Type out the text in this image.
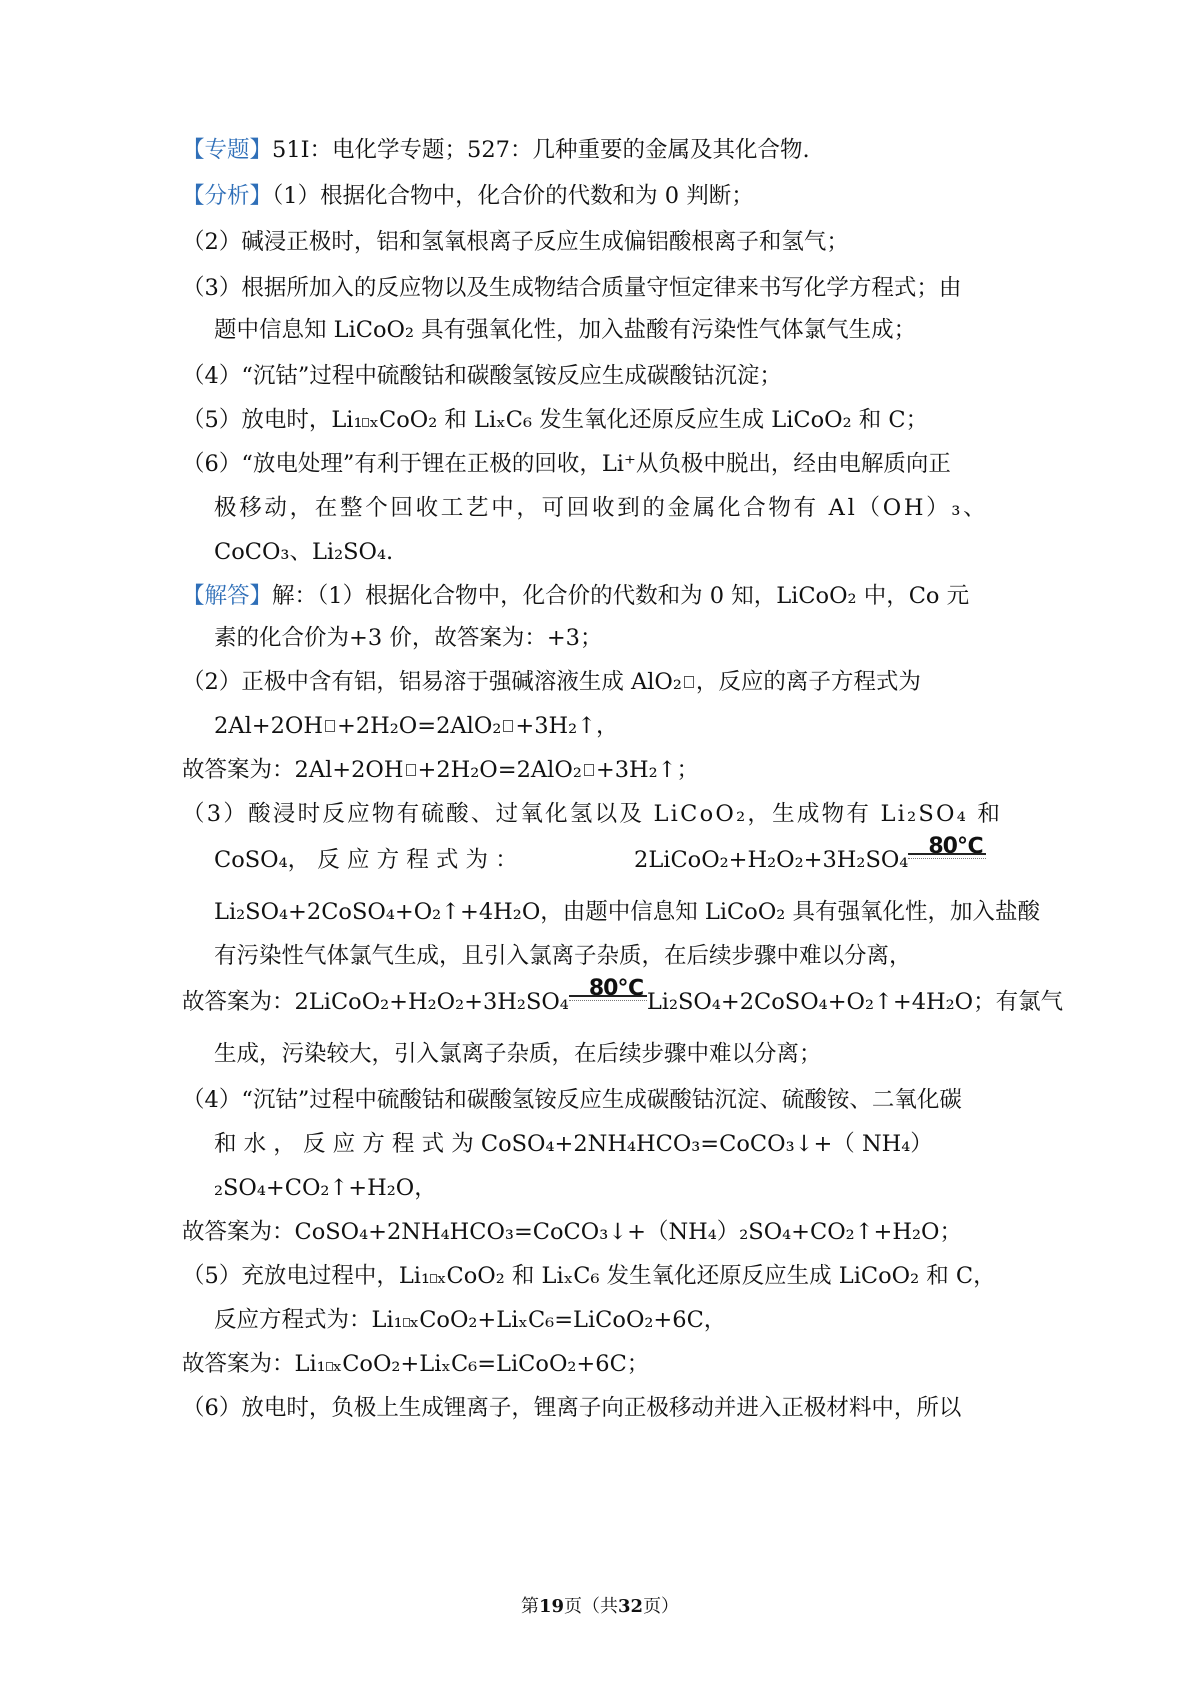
【专题】51I：电化学专题；527：几种重要的金属及其化合物.
【分析】（1）根据化合物中，化合价的代数和为 0 判断；
（2）碱浸正极时，铝和氢氧根离子反应生成偏铝酸根离子和氢气；
（3）根据所加入的反应物以及生成物结合质量守恒定律来书写化学方程式；由
题中信息知 LiCoO₂ 具有强氧化性，加入盐酸有污染性气体氯气生成；
（4）“沉钴”过程中硫酸钴和碳酸氢铵反应生成碳酸钴沉淀；
（5）放电时，Li₁ ₓCoO₂ 和 LiₓC₆ 发生氧化还原反应生成 LiCoO₂ 和 C；
（6）“放电处理”有利于锂在正极的回收，Li⁺从负极中脱出，经由电解质向正
极移动，在整个回收工艺中，可回收到的金属化合物有 Al（OH）₃、
CoCO₃、Li₂SO₄.
【解答】解：（1）根据化合物中，化合价的代数和为 0 知，LiCoO₂ 中，Co 元
素的化合价为+3 价，故答案为：+3；
（2）正极中含有铝，铝易溶于强碱溶液生成 AlO₂ ，反应的离子方程式为
2Al+2OH +2H₂O=2AlO₂ +3H₂↑，
故答案为：2Al+2OH +2H₂O=2AlO₂ +3H₂↑；
（3）酸浸时反应物有硫酸、过氧化氢以及 LiCoO₂，生成物有 Li₂SO₄ 和
CoSO₄， 反 应 方 程 式 为 ：	2LiCoO₂+H₂O₂+3H₂SO₄
80℃
Li₂SO₄+2CoSO₄+O₂↑+4H₂O，由题中信息知 LiCoO₂ 具有强氧化性，加入盐酸
有污染性气体氯气生成，且引入氯离子杂质，在后续步骤中难以分离，
故答案为：2LiCoO₂+H₂O₂+3H₂SO₄
80℃
Li₂SO₄+2CoSO₄+O₂↑+4H₂O；有氯气
生成，污染较大，引入氯离子杂质，在后续步骤中难以分离；
（4）“沉钴”过程中硫酸钴和碳酸氢铵反应生成碳酸钴沉淀、硫酸铵、二氧化碳
和 水 ， 反 应 方 程 式 为 CoSO₄+2NH₄HCO₃=CoCO₃↓+（ NH₄）
₂SO₄+CO₂↑+H₂O，
故答案为：CoSO₄+2NH₄HCO₃=CoCO₃↓+（NH₄）₂SO₄+CO₂↑+H₂O；
（5）充放电过程中，Li₁ ₓCoO₂ 和 LiₓC₆ 发生氧化还原反应生成 LiCoO₂ 和 C，
反应方程式为：Li₁ ₓCoO₂+LiₓC₆=LiCoO₂+6C，
故答案为：Li₁ ₓCoO₂+LiₓC₆=LiCoO₂+6C；
（6）放电时，负极上生成锂离子，锂离子向正极移动并进入正极材料中，所以
第19页（共32页）
